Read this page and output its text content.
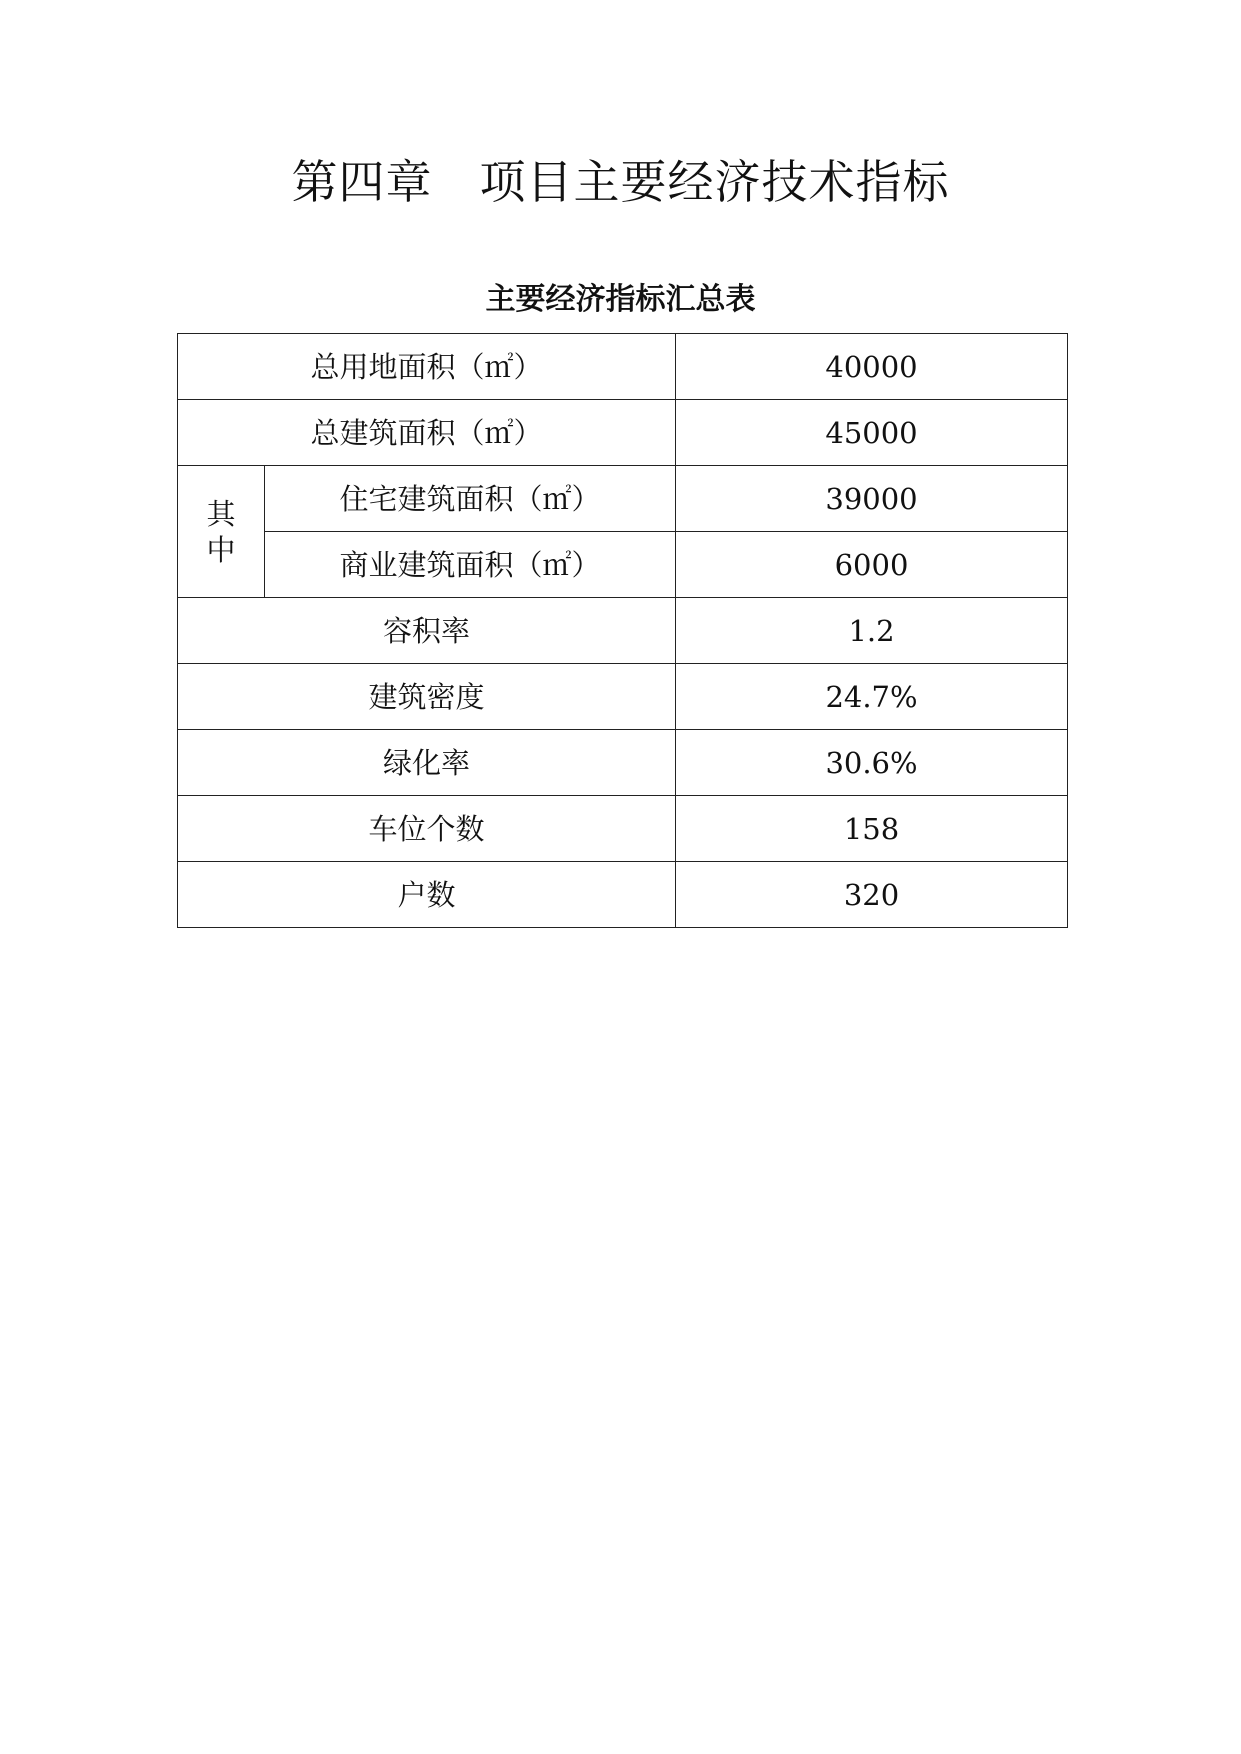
第四章　项目主要经济技术指标
主要经济指标汇总表
总用地面积（㎡）		40000
总建筑面积（㎡）		45000

其
中	住宅建筑面积（㎡）	39000
	商业建筑面积（㎡）	6000
容积率		1.2
建筑密度		24.7%
绿化率		30.6%
车位个数		158
户数		320
